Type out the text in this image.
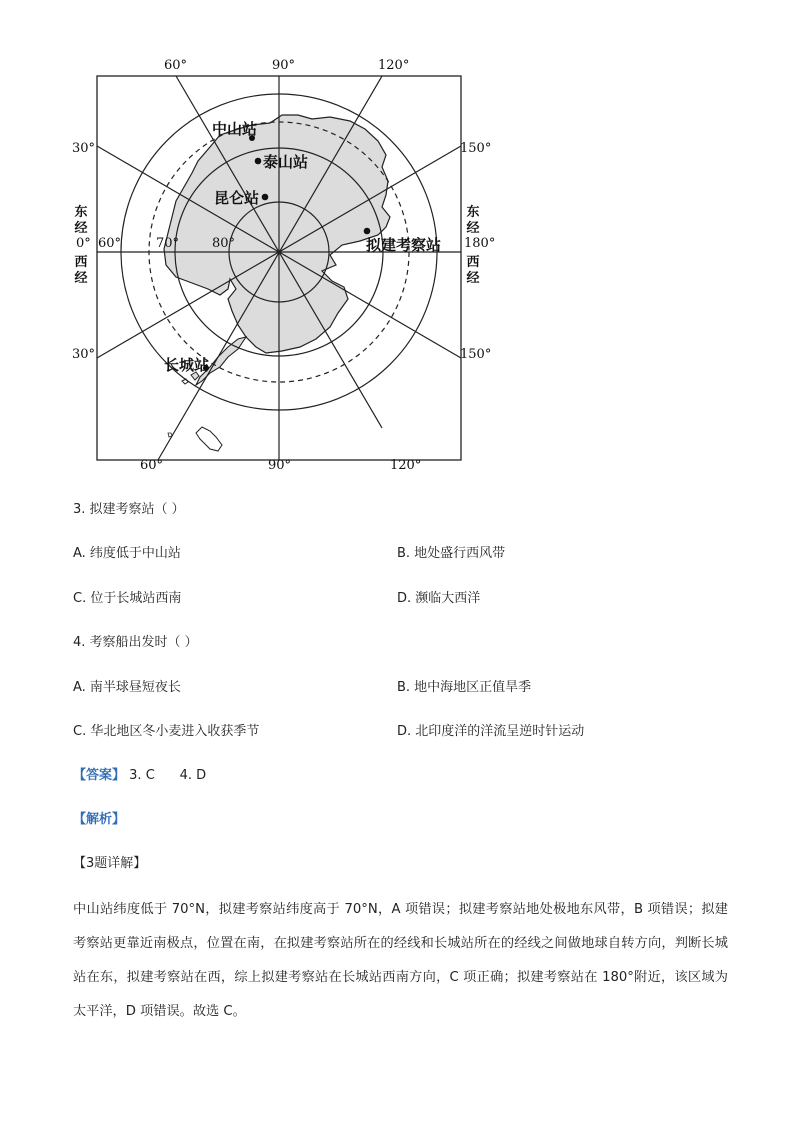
60°	90°	120°
60°	90°	120°
30°
30°
150°
150°
60°	70°	80°
0°	180°
东经
西经
东经
西经
中山站
泰山站
昆仑站
拟建考察站
长城站
3. 拟建考察站（ ）
A. 纬度低于中山站	B. 地处盛行西风带
C. 位于长城站西南	D. 濒临大西洋
4. 考察船出发时（ ）
A. 南半球昼短夜长	B. 地中海地区正值旱季
C. 华北地区冬小麦进入收获季节	D. 北印度洋的洋流呈逆时针运动
【答案】 3. C      4. D
【解析】
【3题详解】
中山站纬度低于 70°N，拟建考察站纬度高于 70°N，A 项错误；拟建考察站地处极地东风带，B 项错误；拟建考察站更靠近南极点，位置在南，在拟建考察站所在的经线和长城站所在的经线之间做地球自转方向，判断长城站在东，拟建考察站在西，综上拟建考察站在长城站西南方向，C 项正确；拟建考察站在 180°附近，该区域为太平洋，D 项错误。故选 C。
